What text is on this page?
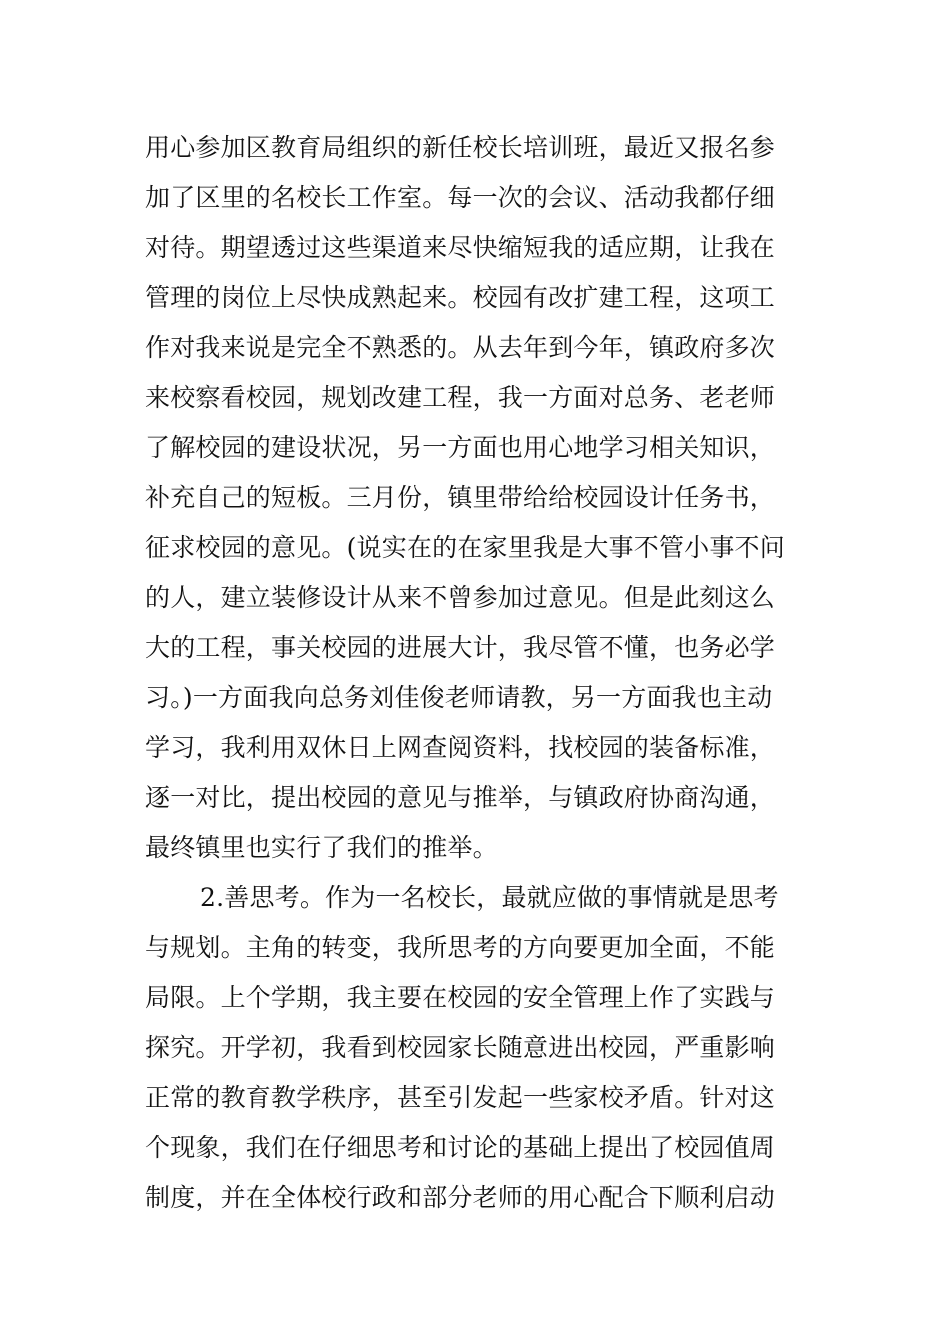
用心参加区教育局组织的新任校长培训班，最近又报名参
加了区里的名校长工作室。每一次的会议、活动我都仔细
对待。期望透过这些渠道来尽快缩短我的适应期，让我在
管理的岗位上尽快成熟起来。校园有改扩建工程，这项工
作对我来说是完全不熟悉的。从去年到今年，镇政府多次
来校察看校园，规划改建工程，我一方面对总务、老老师
了解校园的建设状况，另一方面也用心地学习相关知识，
补充自己的短板。三月份，镇里带给给校园设计任务书，
征求校园的意见。(说实在的在家里我是大事不管小事不问
的人，建立装修设计从来不曾参加过意见。但是此刻这么
大的工程，事关校园的进展大计，我尽管不懂，也务必学
习。)一方面我向总务刘佳俊老师请教，另一方面我也主动
学习，我利用双休日上网查阅资料，找校园的装备标准，
逐一对比，提出校园的意见与推举，与镇政府协商沟通，
最终镇里也实行了我们的推举。
2.善思考。作为一名校长，最就应做的事情就是思考
与规划。主角的转变，我所思考的方向要更加全面，不能
局限。上个学期，我主要在校园的安全管理上作了实践与
探究。开学初，我看到校园家长随意进出校园，严重影响
正常的教育教学秩序，甚至引发起一些家校矛盾。针对这
个现象，我们在仔细思考和讨论的基础上提出了校园值周
制度，并在全体校行政和部分老师的用心配合下顺利启动
